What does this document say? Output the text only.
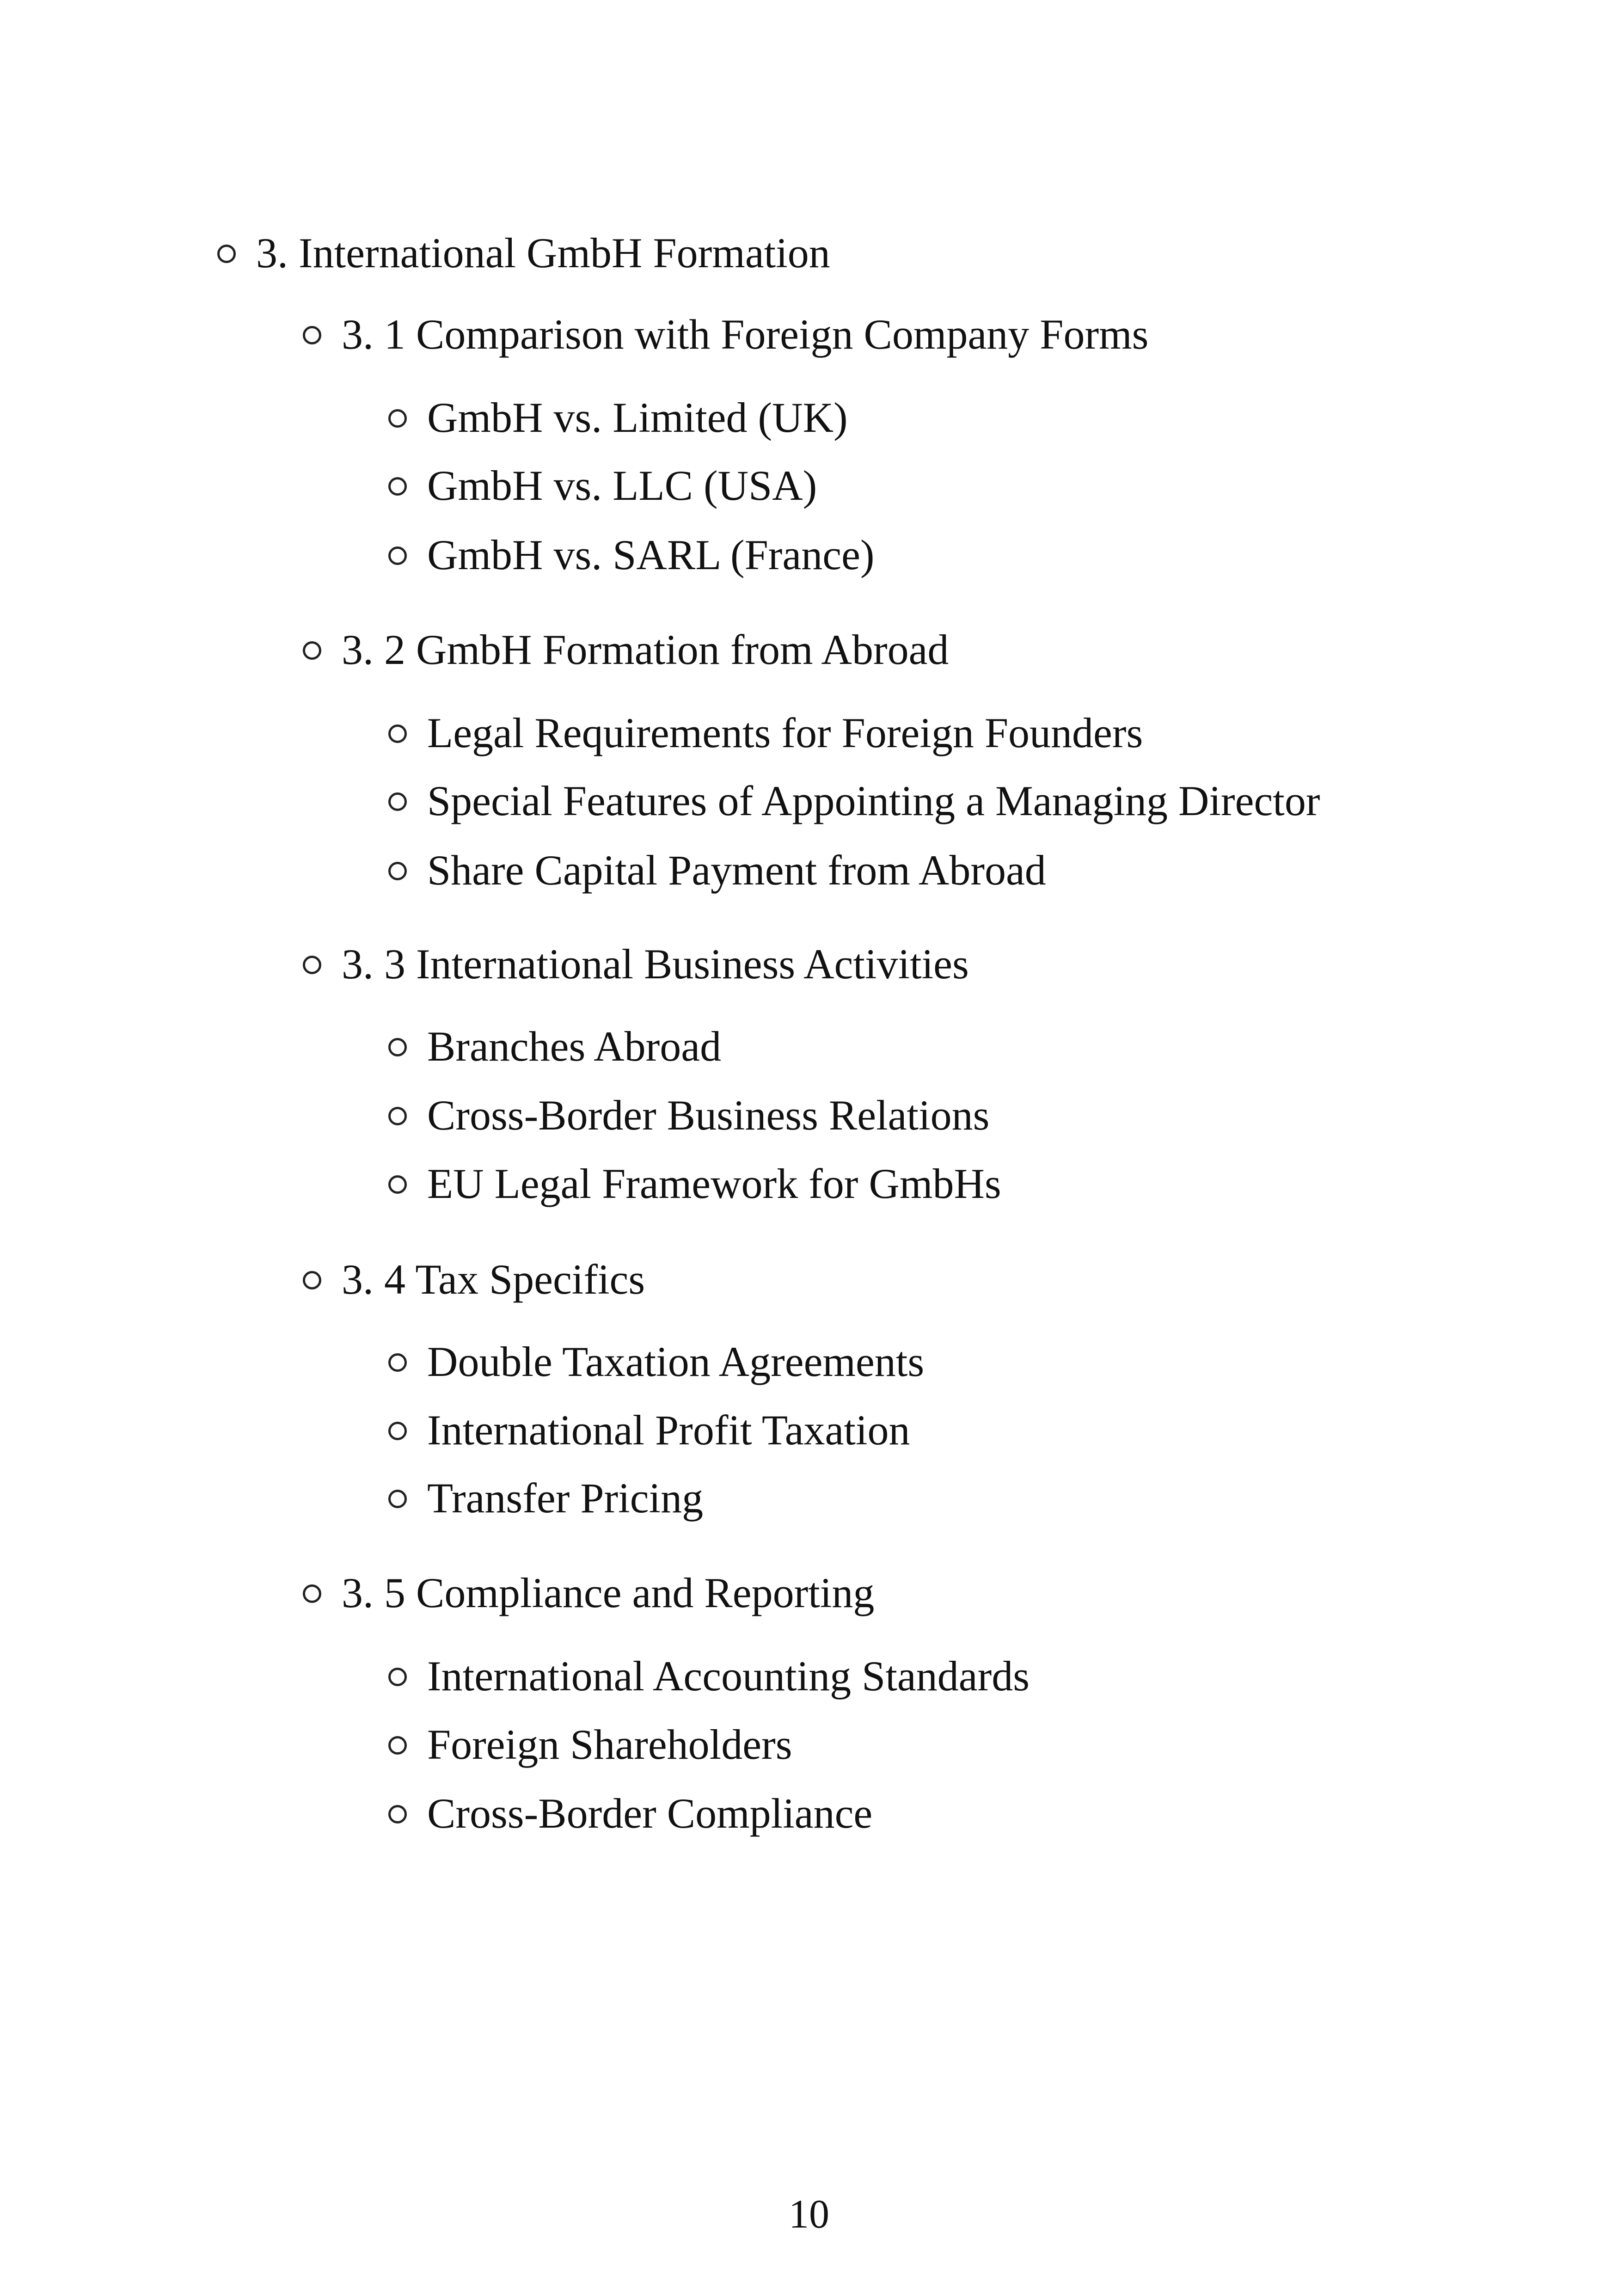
3. International GmbH Formation
3. 1 Comparison with Foreign Company Forms
GmbH vs. Limited (UK)
GmbH vs. LLC (USA)
GmbH vs. SARL (France)
3. 2 GmbH Formation from Abroad
Legal Requirements for Foreign Founders
Special Features of Appointing a Managing Director
Share Capital Payment from Abroad
3. 3 International Business Activities
Branches Abroad
Cross-Border Business Relations
EU Legal Framework for GmbHs
3. 4 Tax Specifics
Double Taxation Agreements
International Profit Taxation
Transfer Pricing
3. 5 Compliance and Reporting
International Accounting Standards
Foreign Shareholders
Cross-Border Compliance
10
